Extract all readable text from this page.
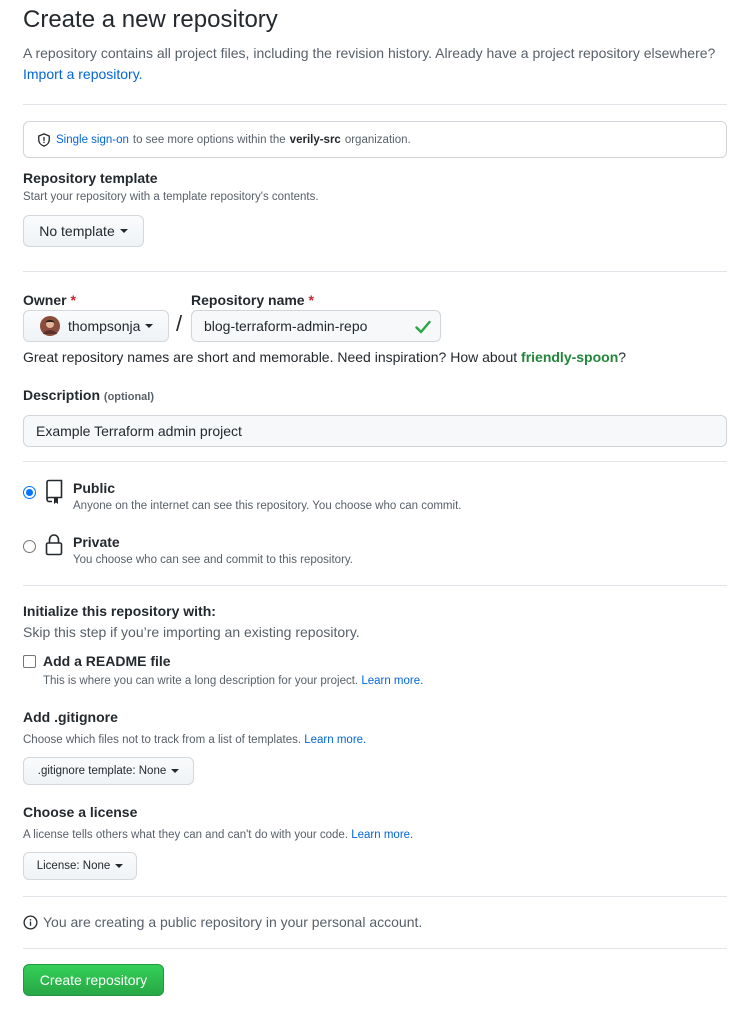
Create a new repository
A repository contains all project files, including the revision history. Already have a project repository elsewhere?
Import a repository.
Single sign-on to see more options within the verily-src organization.
Repository template
Start your repository with a template repository's contents.
No template
Owner *	Repository name *
thompsonja / blog-terraform-admin-repo
Great repository names are short and memorable. Need inspiration? How about friendly-spoon?
Description (optional)
Example Terraform admin project
Public
Anyone on the internet can see this repository. You choose who can commit.
Private
You choose who can see and commit to this repository.
Initialize this repository with:
Skip this step if you’re importing an existing repository.
Add a README file
This is where you can write a long description for your project. Learn more.
Add .gitignore
Choose which files not to track from a list of templates. Learn more.
.gitignore template: None
Choose a license
A license tells others what they can and can't do with your code. Learn more.
License: None
You are creating a public repository in your personal account.
Create repository
